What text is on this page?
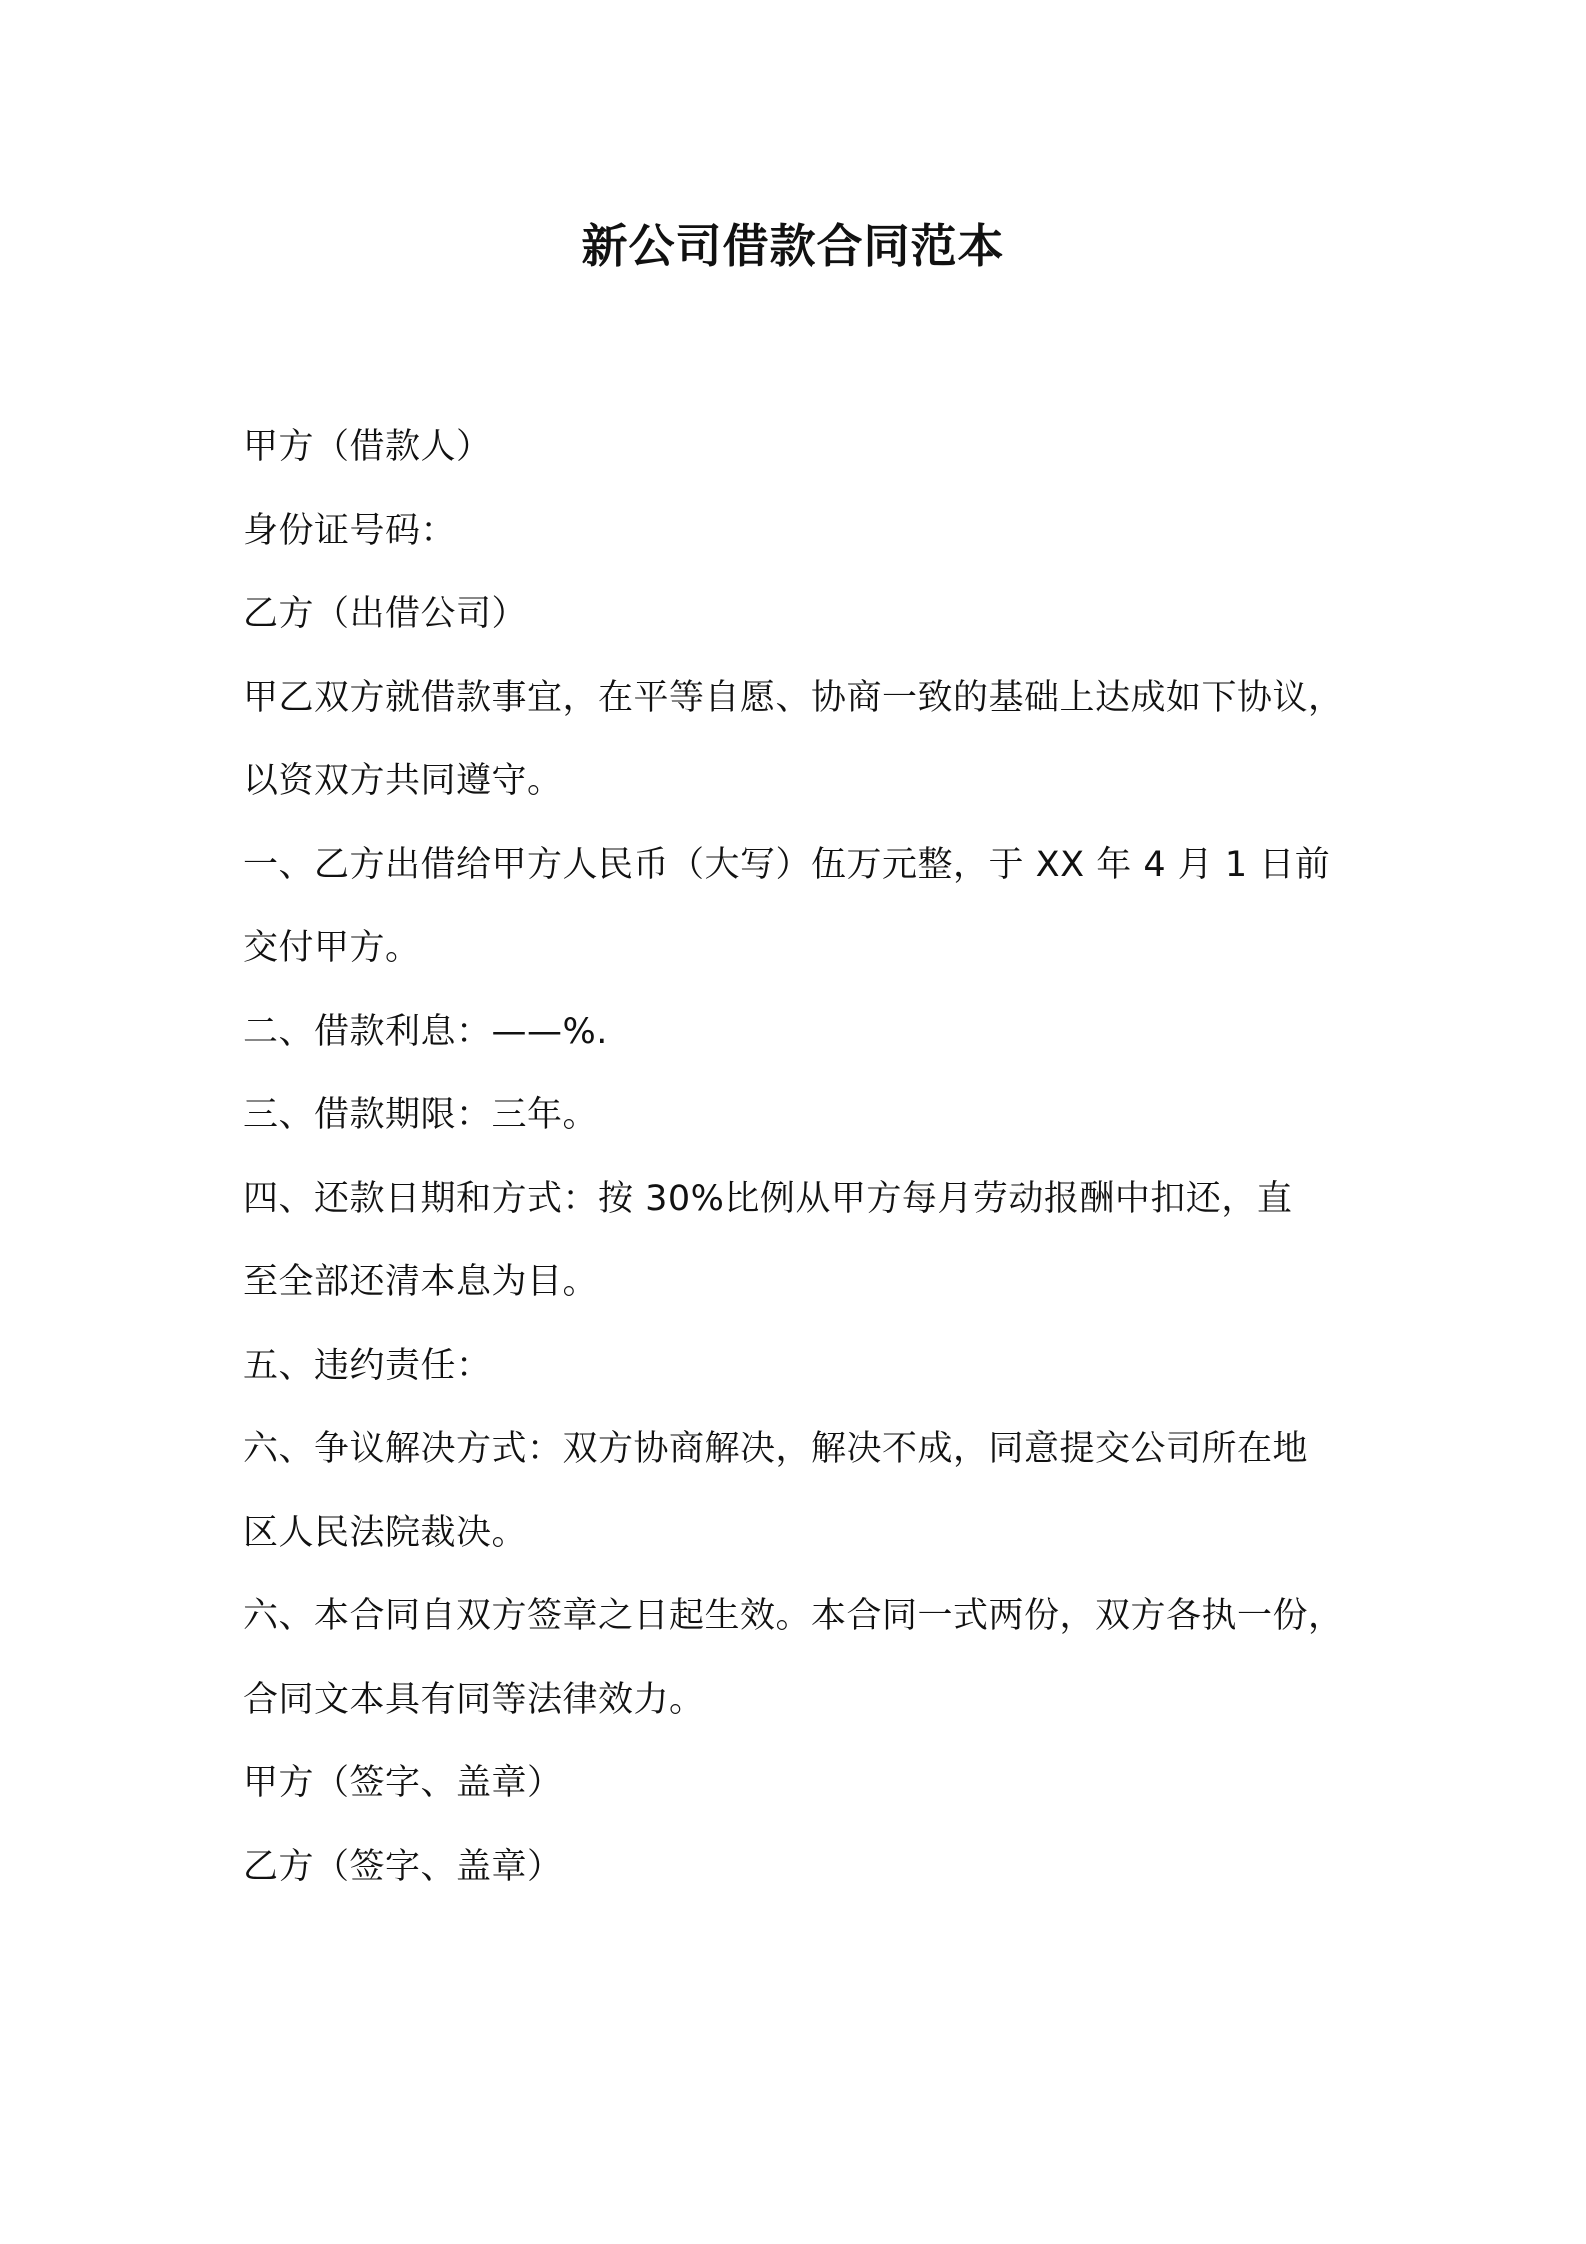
新公司借款合同范本

甲方（借款人）

身份证号码：

乙方（出借公司）

甲乙双方就借款事宜，在平等自愿、协商一致的基础上达成如下协议，

以资双方共同遵守。

一、乙方出借给甲方人民币（大写）伍万元整，于 XX 年 4 月 1 日前

交付甲方。

二、借款利息：——%.

三、借款期限：三年。

四、还款日期和方式：按 30%比例从甲方每月劳动报酬中扣还，直

至全部还清本息为目。

五、违约责任：

六、争议解决方式：双方协商解决，解决不成，同意提交公司所在地

区人民法院裁决。

六、本合同自双方签章之日起生效。本合同一式两份，双方各执一份，

合同文本具有同等法律效力。

甲方（签字、盖章）

乙方（签字、盖章）
